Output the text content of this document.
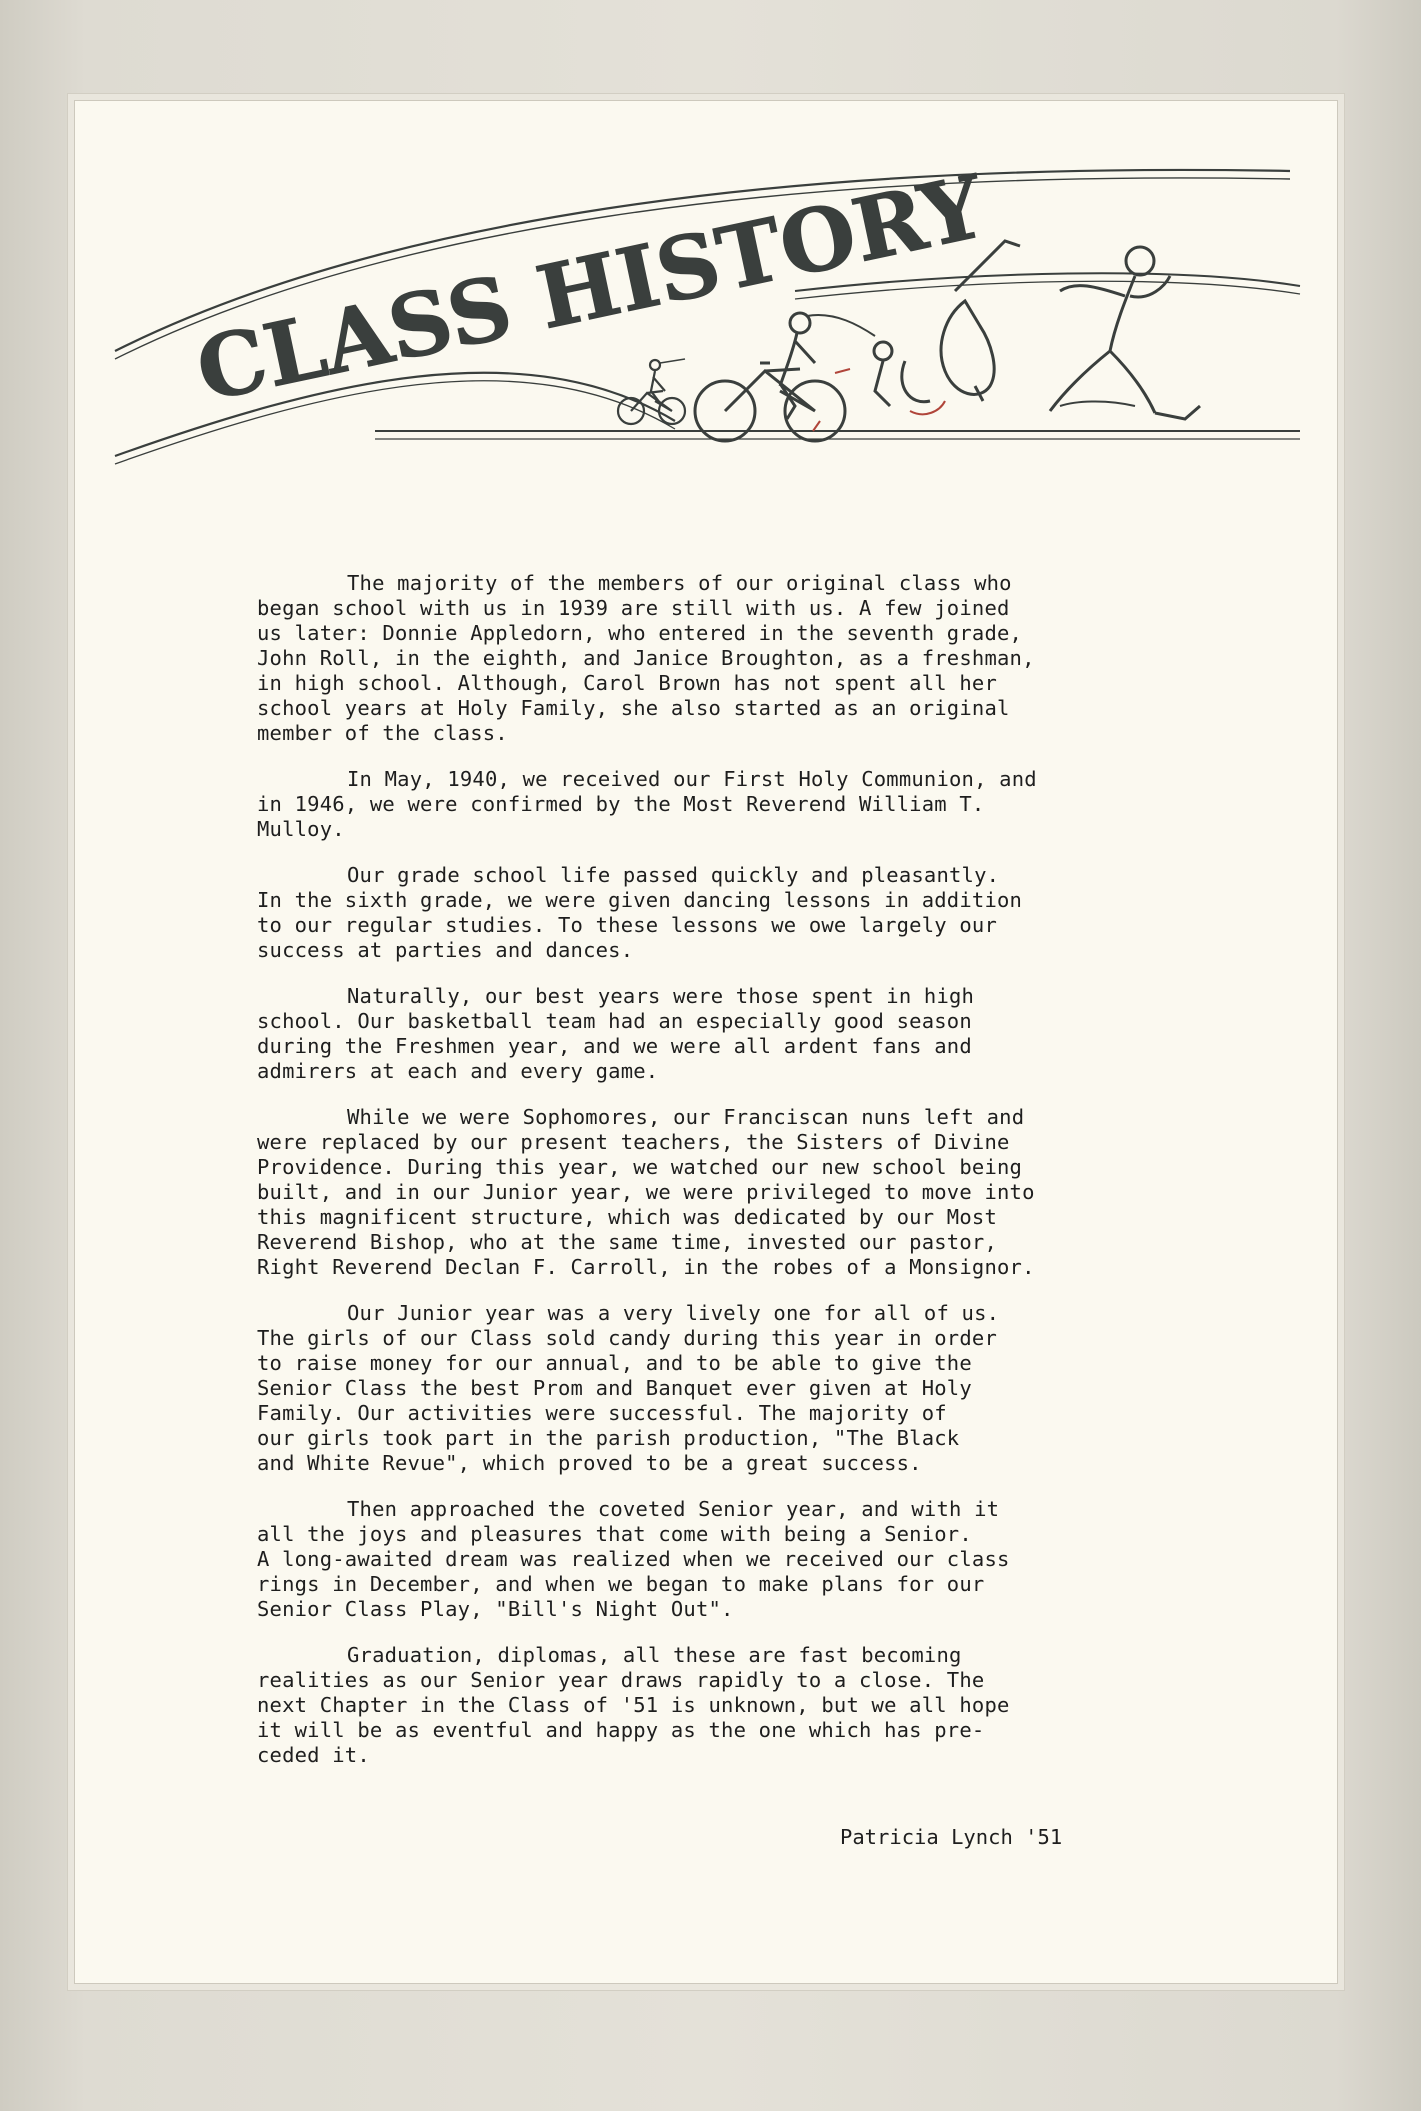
CLASS HISTORY

The majority of the members of our original class who
began school with us in 1939 are still with us. A few joined
us later: Donnie Appledorn, who entered in the seventh grade,
John Roll, in the eighth, and Janice Broughton, as a freshman,
in high school. Although, Carol Brown has not spent all her
school years at Holy Family, she also started as an original
member of the class.

In May, 1940, we received our First Holy Communion, and
in 1946, we were confirmed by the Most Reverend William T.
Mulloy.

Our grade school life passed quickly and pleasantly.
In the sixth grade, we were given dancing lessons in addition
to our regular studies. To these lessons we owe largely our
success at parties and dances.

Naturally, our best years were those spent in high
school. Our basketball team had an especially good season
during the Freshmen year, and we were all ardent fans and
admirers at each and every game.

While we were Sophomores, our Franciscan nuns left and
were replaced by our present teachers, the Sisters of Divine
Providence. During this year, we watched our new school being
built, and in our Junior year, we were privileged to move into
this magnificent structure, which was dedicated by our Most
Reverend Bishop, who at the same time, invested our pastor,
Right Reverend Declan F. Carroll, in the robes of a Monsignor.

Our Junior year was a very lively one for all of us.
The girls of our Class sold candy during this year in order
to raise money for our annual, and to be able to give the
Senior Class the best Prom and Banquet ever given at Holy
Family. Our activities were successful. The majority of
our girls took part in the parish production, "The Black
and White Revue", which proved to be a great success.

Then approached the coveted Senior year, and with it
all the joys and pleasures that come with being a Senior.
A long-awaited dream was realized when we received our class
rings in December, and when we began to make plans for our
Senior Class Play, "Bill's Night Out".

Graduation, diplomas, all these are fast becoming
realities as our Senior year draws rapidly to a close. The
next Chapter in the Class of '51 is unknown, but we all hope
it will be as eventful and happy as the one which has pre-
ceded it.

Patricia Lynch '51
